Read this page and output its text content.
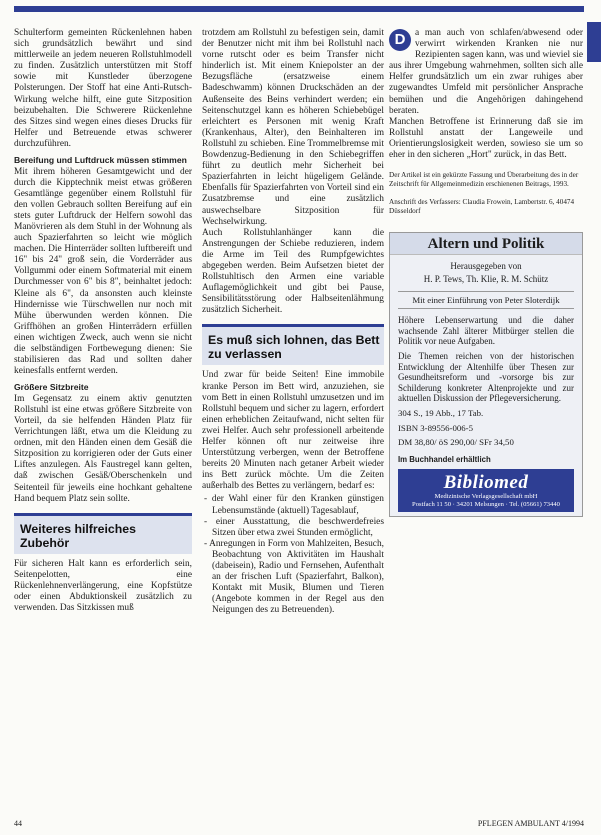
Schulterform gemeinten Rückenlehnen haben sich grundsätzlich bewährt und sind mittlerweile an jedem neueren Rollstuhlmodell zu finden. Zusätzlich unterstützen mit Stoff sowie mit Kunstleder überzogene Polsterungen. Der Stoff hat eine Anti-Rutsch-Wirkung welche hilft, eine gute Sitzposition beizubehalten. Die Schwerere Rückenlehne des Sitzes sind wegen eines dieses Drucks für Helfer und Betreuende etwas schwerer durchzuführen.

Bereifung und Luftdruck müssen stimmen

Mit ihrem höheren Gesamtgewicht und der durch die Kipptechnik meist etwas größeren Gesamtlänge gegenüber einem Rollstuhl für den vollen Gebrauch sollten Bereifung auf ein stets guter Luftdruck der Helfern sowohl das Manövrieren als dem Stuhl in der Wohnung als auch Spazierfahrten so leicht wie möglich machen. Die Hinterräder sollten luftbereift und 16" bis 24" groß sein, die Vorderräder aus Vollgummi oder einem Softmaterial mit einem Durchmesser von 6" bis 8", beinhaltet jedoch: Kleine als 6", da ansonsten auch kleinste Hindernisse wie Türschwellen nur noch mit Mühe überwunden werden können. Die Griffhöhen an großen Hinterrädern erfüllen einen wichtigen Zweck, auch wenn sie nicht die selbständigen Fortbewegung dienen: Sie stabilisieren das Rad und sollten daher keinesfalls entfernt werden.

Größere Sitzbreite

Im Gegensatz zu einem aktiv genutzten Rollstuhl ist eine etwas größere Sitzbreite von Vorteil, da sie helfenden Händen Platz für Verrichtungen läßt, etwa um die Kleidung zu ordnen, mit den Händen einen dem Gesäß die Sitzposition zu korrigieren oder der Guts einer Liftes anzulegen. Als Faustregel kann gelten, daß zwischen Gesäß/Oberschenkeln und Seitenteil für jeweils eine hochkant gehaltene Hand bequem Platz sein sollte.

Weiteres hilfreiches Zubehör

Für sicheren Halt kann es erforderlich sein, Seitenpelotten, eine Rückenlehnenverlängerung, eine Kopfstütze oder einen Abduktionskeil zusätzlich zu verwenden. Das Sitzkissen muß

trotzdem am Rollstuhl zu befestigen sein, damit der Benutzer nicht mit ihm bei Rollstuhl nach vorne rutscht oder es beim Transfer nicht hinderlich ist. Mit einem Kniepolster an der Bezugsfläche (ersatzweise einem Badeschwamm) können Druckschäden an der Außenseite des Beins verhindert werden; ein Seitenschutzgel kann es höheren Schiebebügel erleichtert es Personen mit wenig Kraft (Krankenhaus, Alter), den Beinhalteren im Rollstuhl zu schieben. Eine Trommelbremse mit Bowdenzug-Bedienung in den Schiebegriffen führt zu deutlich mehr Sicherheit bei Spazierfahrten in leicht hügeligem Gelände. Ebenfalls für Spazierfahrten von Vorteil sind ein Zusatzbremse und eine zusätzlich auswechselbare Sitzposition für Wechselwirkung.

Auch Rollstuhlanhänger kann die Anstrengungen der Schiebe reduzieren, indem die Arme im Teil des Rumpfgewichtes abgegeben werden. Beim Aufsetzen bietet der Rollstuhltisch den Armen eine variable Auflagemöglichkeit und gibt bei Pause, Sensibilitätsstörung oder Halbseitenlähmung zusätzlich Sicherheit.

Es muß sich lohnen, das Bett zu verlassen

Und zwar für beide Seiten! Eine immobile kranke Person im Bett wird, anzuziehen, sie vom Bett in einen Rollstuhl umzusetzen und im Rollstuhl bequem und sicher zu lagern, erfordert einen erheblichen Zeitaufwand, nicht selten für zwei Helfer. Auch sehr professionell arbeitende Helfer können oft nur zeitweise ihre Unterstützung verbergen, wenn der Betroffene bereits 20 Minuten nach getaner Arbeit wieder ins Bett zurück möchte. Um die Zeiten außerhalb des Bettes zu verlängern, bedarf es:

- der Wahl einer für den Kranken günstigen Lebensumstände (aktuell) Tagesablauf,
- einer Ausstattung, die beschwerdefreies Sitzen über etwa zwei Stunden ermöglicht,
- Anregungen in Form von Mahlzeiten, Besuch, Beobachtung von Aktivitäten im Haushalt (dabeisein), Radio und Fernsehen, Aufenthalt an der frischen Luft (Spazierfahrt, Balkon), Kontakt mit Musik, Blumen und Tieren (Angebote kommen in der Regel aus den Neigungen des zu Betreuenden).

D	a man auch von schlafen/abwesend oder verwirrt wirkenden Kranken nie nur Rezipienten sagen kann, was und wieviel sie aus ihrer Umgebung wahrnehmen, sollten sich alle Helfer grundsätzlich um ein zwar ruhiges aber zugewandtes Umfeld mit persönlicher Ansprache bemühen und die Angehörigen dahingehend beraten.

Manchen Betroffene ist Erinnerung daß sie im Rollstuhl anstatt der Langeweile und Orientierungslosigkeit werden, sowieso sie um so eher in den sicheren „Hort" zurück, in das Bett.

Der Artikel ist ein gekürzte Fassung und Überarbeitung des in der Zeitschrift für Allgemeinmedizin erschienenen Beitrags, 1993.
Anschrift des Verfassers: Claudia Frowein, Lambertstr. 6, 40474 Düsseldorf
Altern und Politik
Herausgegeben von
H. P. Tews, Th. Klie, R. M. Schütz
Mit einer Einführung von Peter Sloterdijk

Höhere Lebenserwartung und die daher wachsende Zahl älterer Mitbürger stellen die Politik vor neue Aufgaben.

Die Themen reichen von der historischen Entwicklung der Altenhilfe über Thesen zur Gesundheitsreform und -vorsorge bis zur Schilderung konkreter Altenprojekte und zur aktuellen Diskussion der Pflegeversicherung.

304 S., 19 Abb., 17 Tab.
ISBN 3-89556-006-5
DM 38,80/ öS 290,00/ SFr 34,50
Im Buchhandel erhältlich
Bibliomed
Medizinische Verlagsgesellschaft mbH
Postfach 11 50 · 34201 Melsungen · Tel. (05661) 73440
44	PFLEGEN AMBULANT 4/1994
